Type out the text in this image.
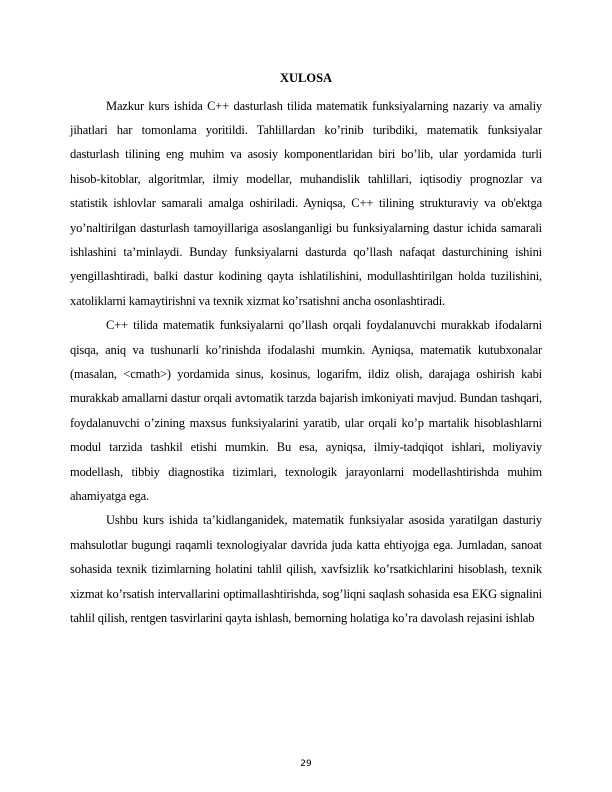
XULOSA

Mazkur kurs ishida C++ dasturlash tilida matematik funksiyalarning nazariy va amaliy jihatlari har tomonlama yoritildi. Tahlillardan ko’rinib turibdiki, matematik funksiyalar dasturlash tilining eng muhim va asosiy komponentlaridan biri bo’lib, ular yordamida turli hisob-kitoblar, algoritmlar, ilmiy modellar, muhandislik tahlillari, iqtisodiy prognozlar va statistik ishlovlar samarali amalga oshiriladi. Ayniqsa, C++ tilining strukturaviy va ob'ektga yo’naltirilgan dasturlash tamoyillariga asoslanganligi bu funksiyalarning dastur ichida samarali ishlashini ta’minlaydi. Bunday funksiyalarni dasturda qo’llash nafaqat dasturchining ishini yengillashtiradi, balki dastur kodining qayta ishlatilishini, modullashtirilgan holda tuzilishini, xatoliklarni kamaytirishni va texnik xizmat ko’rsatishni ancha osonlashtiradi.

C++ tilida matematik funksiyalarni qo’llash orqali foydalanuvchi murakkab ifodalarni qisqa, aniq va tushunarli ko’rinishda ifodalashi mumkin. Ayniqsa, matematik kutubxonalar (masalan, <cmath>) yordamida sinus, kosinus, logarifm, ildiz olish, darajaga oshirish kabi murakkab amallarni dastur orqali avtomatik tarzda bajarish imkoniyati mavjud. Bundan tashqari, foydalanuvchi o’zining maxsus funksiyalarini yaratib, ular orqali ko’p martalik hisoblashlarni modul tarzida tashkil etishi mumkin. Bu esa, ayniqsa, ilmiy-tadqiqot ishlari, moliyaviy modellash, tibbiy diagnostika tizimlari, texnologik jarayonlarni modellashtirishda muhim ahamiyatga ega.

Ushbu kurs ishida ta’kidlanganidek, matematik funksiyalar asosida yaratilgan dasturiy mahsulotlar bugungi raqamli texnologiyalar davrida juda katta ehtiyojga ega. Jumladan, sanoat sohasida texnik tizimlarning holatini tahlil qilish, xavfsizlik ko’rsatkichlarini hisoblash, texnik xizmat ko’rsatish intervallarini optimallashtirishda, sog’liqni saqlash sohasida esa EKG signalini tahlil qilish, rentgen tasvirlarini qayta ishlash, bemorning holatiga ko’ra davolash rejasini ishlab

29
